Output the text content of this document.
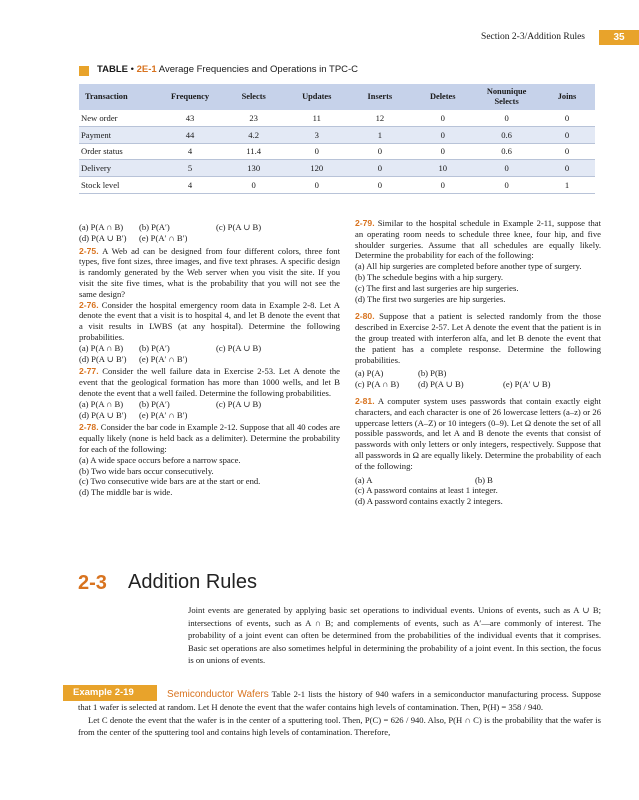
Section 2-3/Addition Rules	35
TABLE • 2E-1 Average Frequencies and Operations in TPC-C
Transaction	Frequency	Selects	Updates	Inserts	Deletes	Nonunique Selects	Joins
New order	43	23	11	12	0	0	0
Payment	44	4.2	3	1	0	0.6	0
Order status	4	11.4	0	0	0	0.6	0
Delivery	5	130	120	0	10	0	0
Stock level	4	0	0	0	0	0	1
(a) P(A ∩ B)	(b) P(A′)	(c) P(A ∪ B)
(d) P(A ∪ B′)	(e) P(A′ ∩ B′)

2-75. A Web ad can be designed from four different colors, three font types, five font sizes, three images, and five text phrases. A specific design is randomly generated by the Web server when you visit the site. If you visit the site five times, what is the probability that you will not see the same design?

2-76. Consider the hospital emergency room data in Example 2-8. Let A denote the event that a visit is to hospital 4, and let B denote the event that a visit results in LWBS (at any hospital). Determine the following probabilities.

(a) P(A ∩ B)	(b) P(A′)	(c) P(A ∪ B)
(d) P(A ∪ B′)	(e) P(A′ ∩ B′)

2-77. Consider the well failure data in Exercise 2-53. Let A denote the event that the geological formation has more than 1000 wells, and let B denote the event that a well failed. Determine the following probabilities.

(a) P(A ∩ B)	(b) P(A′)	(c) P(A ∪ B)
(d) P(A ∪ B′)	(e) P(A′ ∩ B′)

2-78. Consider the bar code in Example 2-12. Suppose that all 40 codes are equally likely (none is held back as a delimiter). Determine the probability for each of the following:

(a) A wide space occurs before a narrow space.

(b) Two wide bars occur consecutively.

(c) Two consecutive wide bars are at the start or end.

(d) The middle bar is wide.

2-79. Similar to the hospital schedule in Example 2-11, suppose that an operating room needs to schedule three knee, four hip, and five shoulder surgeries. Assume that all schedules are equally likely. Determine the probability for each of the following:

(a) All hip surgeries are completed before another type of surgery.

(b) The schedule begins with a hip surgery.

(c) The first and last surgeries are hip surgeries.

(d) The first two surgeries are hip surgeries.

2-80. Suppose that a patient is selected randomly from the those described in Exercise 2-57. Let A denote the event that the patient is in the group treated with interferon alfa, and let B denote the event that the patient has a complete response. Determine the following probabilities.

(a) P(A)	(b) P(B)
(c) P(A ∩ B)	(d) P(A ∪ B)	(e) P(A′ ∪ B)

2-81. A computer system uses passwords that contain exactly eight characters, and each character is one of 26 lowercase letters (a–z) or 26 uppercase letters (A–Z) or 10 integers (0–9). Let Ω denote the set of all possible passwords, and let A and B denote the events that consist of passwords with only letters or only integers, respectively. Suppose that all passwords in Ω are equally likely. Determine the probability of each of the following:

(a) A	(b) B

(c) A password contains at least 1 integer.

(d) A password contains exactly 2 integers.

2-3 Addition Rules
Joint events are generated by applying basic set operations to individual events. Unions of events, such as A ∪ B; intersections of events, such as A ∩ B; and complements of events, such as A′—are commonly of interest. The probability of a joint event can often be determined from the probabilities of the individual events that it comprises. Basic set operations are also sometimes helpful in determining the probability of a joint event. In this section, the focus is on unions of events.
Example 2-19	Semiconductor Wafers Table 2-1 lists the history of 940 wafers in a semiconductor manufacturing process. Suppose that 1 wafer is selected at random. Let H denote the event that the wafer contains high levels of contamination. Then, P(H) = 358 / 940.

Let C denote the event that the wafer is in the center of a sputtering tool. Then, P(C) = 626 / 940. Also, P(H ∩ C) is the probability that the wafer is from the center of the sputtering tool and contains high levels of contamination. Therefore,
